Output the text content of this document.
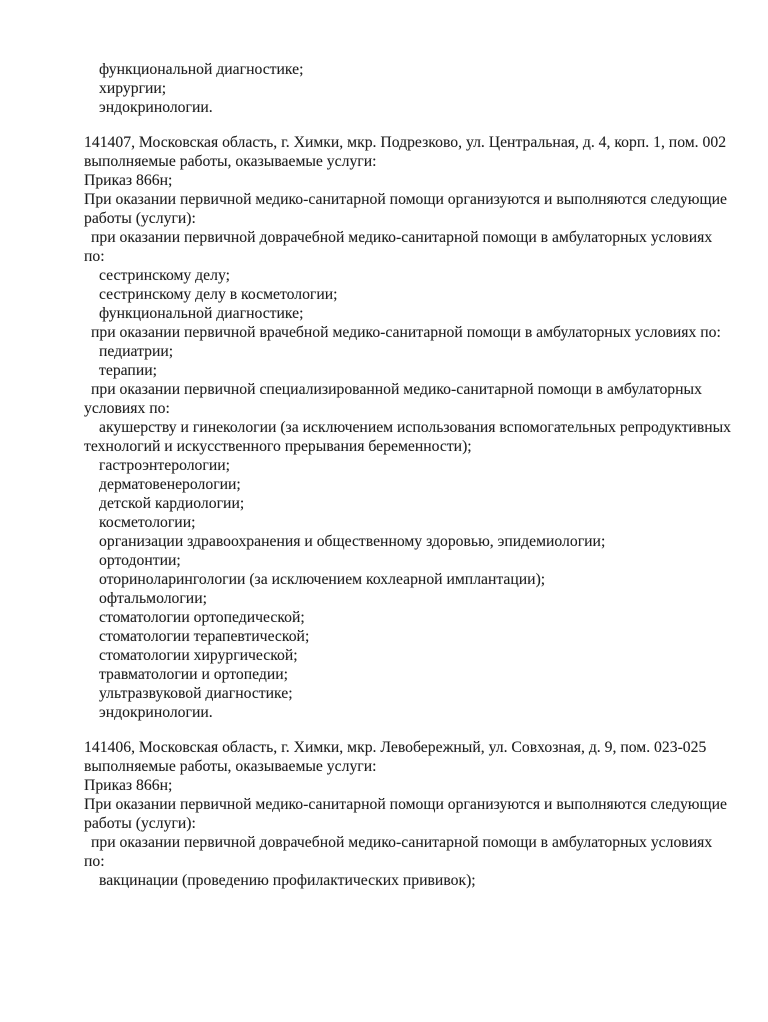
функциональной диагностике;
хирургии;
эндокринологии.
141407, Московская область, г. Химки, мкр. Подрезково, ул. Центральная, д. 4, корп. 1, пом. 002
выполняемые работы, оказываемые услуги:
Приказ 866н;
При оказании первичной медико-санитарной помощи организуются и выполняются следующие
работы (услуги):
при оказании первичной доврачебной медико-санитарной помощи в амбулаторных условиях
по:
сестринскому делу;
сестринскому делу в косметологии;
функциональной диагностике;
при оказании первичной врачебной медико-санитарной помощи в амбулаторных условиях по:
педиатрии;
терапии;
при оказании первичной специализированной медико-санитарной помощи в амбулаторных
условиях по:
акушерству и гинекологии (за исключением использования вспомогательных репродуктивных
технологий и искусственного прерывания беременности);
гастроэнтерологии;
дерматовенерологии;
детской кардиологии;
косметологии;
организации здравоохранения и общественному здоровью, эпидемиологии;
ортодонтии;
оториноларингологии (за исключением кохлеарной имплантации);
офтальмологии;
стоматологии ортопедической;
стоматологии терапевтической;
стоматологии хирургической;
травматологии и ортопедии;
ультразвуковой диагностике;
эндокринологии.
141406, Московская область, г. Химки, мкр. Левобережный, ул. Совхозная, д. 9, пом. 023-025
выполняемые работы, оказываемые услуги:
Приказ 866н;
При оказании первичной медико-санитарной помощи организуются и выполняются следующие
работы (услуги):
при оказании первичной доврачебной медико-санитарной помощи в амбулаторных условиях
по:
вакцинации (проведению профилактических прививок);
